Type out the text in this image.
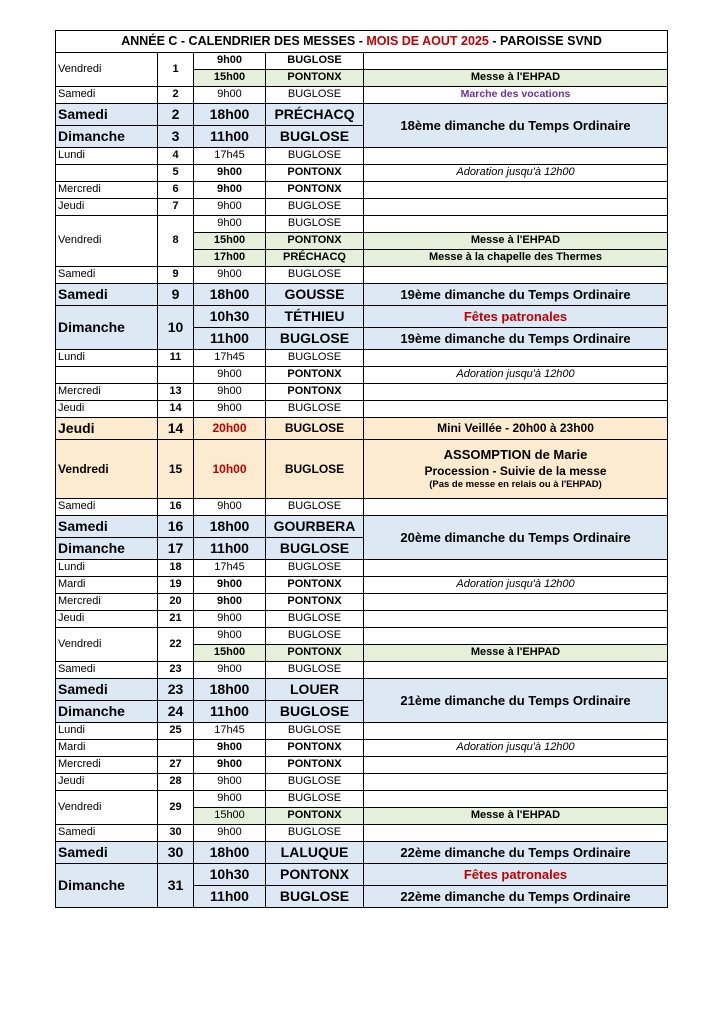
ANNÉE C - CALENDRIER DES MESSES - MOIS DE AOUT 2025 - PAROISSE SVND				
Vendredi	1	9h00	BUGLOSE	
		15h00	PONTONX	Messe à l'EHPAD
Samedi	2	9h00	BUGLOSE	Marche des vocations
Samedi	2	18h00	PRÉCHACQ	18ème dimanche du Temps Ordinaire
Dimanche	3	11h00	BUGLOSE	
Lundi	4	17h45	BUGLOSE	
	5	9h00	PONTONX	Adoration jusqu'à 12h00
Mercredi	6	9h00	PONTONX	
Jeudi	7	9h00	BUGLOSE	
Vendredi	8	9h00	BUGLOSE	
		15h00	PONTONX	Messe à l'EHPAD
		17h00	PRÉCHACQ	Messe à la chapelle des Thermes
Samedi	9	9h00	BUGLOSE	
Samedi	9	18h00	GOUSSE	19ème dimanche du Temps Ordinaire
Dimanche	10	10h30	TÉTHIEU	Fêtes patronales
		11h00	BUGLOSE	19ème dimanche du Temps Ordinaire
Lundi	11	17h45	BUGLOSE	
		9h00	PONTONX	Adoration jusqu'à 12h00
Mercredi	13	9h00	PONTONX	
Jeudi	14	9h00	BUGLOSE	
Jeudi	14	20h00	BUGLOSE	Mini Veillée - 20h00 à 23h00
Vendredi	15	10h00	BUGLOSE	ASSOMPTION de Marie
Procession - Suivie de la messe
(Pas de messe en relais ou à l'EHPAD)

Samedi	16	9h00	BUGLOSE	
Samedi	16	18h00	GOURBERA	20ème dimanche du Temps Ordinaire
Dimanche	17	11h00	BUGLOSE	
Lundi	18	17h45	BUGLOSE	
Mardi	19	9h00	PONTONX	Adoration jusqu'à 12h00
Mercredi	20	9h00	PONTONX	
Jeudi	21	9h00	BUGLOSE	
Vendredi	22	9h00	BUGLOSE	
		15h00	PONTONX	Messe à l'EHPAD
Samedi	23	9h00	BUGLOSE	
Samedi	23	18h00	LOUER	21ème dimanche du Temps Ordinaire
Dimanche	24	11h00	BUGLOSE	
Lundi	25	17h45	BUGLOSE	
Mardi		9h00	PONTONX	Adoration jusqu'à 12h00
Mercredi	27	9h00	PONTONX	
Jeudi	28	9h00	BUGLOSE	
Vendredi	29	9h00	BUGLOSE	
		15h00	PONTONX	Messe à l'EHPAD
Samedi	30	9h00	BUGLOSE	
Samedi	30	18h00	LALUQUE	22ème dimanche du Temps Ordinaire
Dimanche	31	10h30	PONTONX	Fêtes patronales
		11h00	BUGLOSE	22ème dimanche du Temps Ordinaire
